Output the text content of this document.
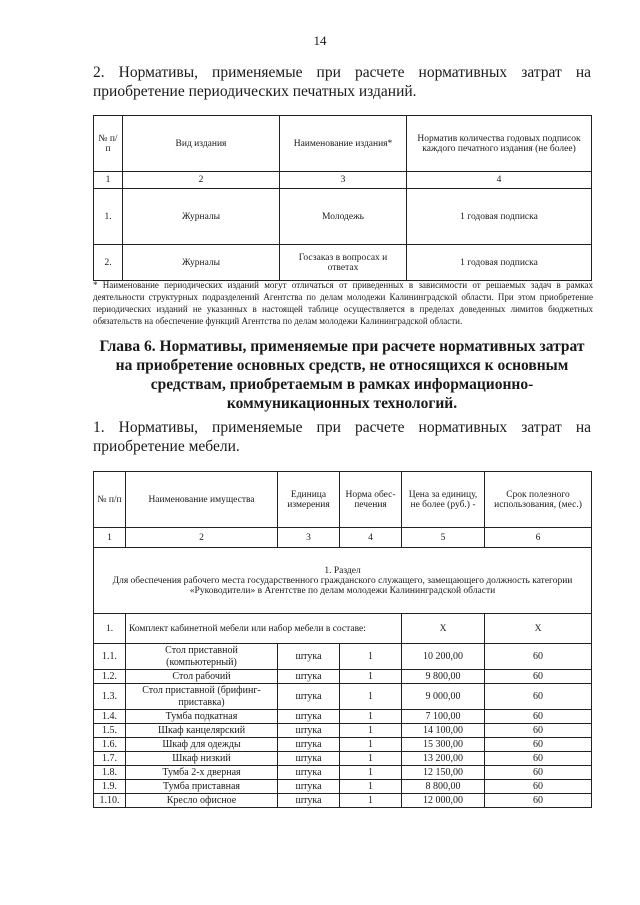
14
2. Нормативы, применяемые при расчете нормативных затрат на приобретение периодических печатных изданий.
№ п/п	Вид издания	Наименование издания*	Норматив количества годовых подписок каждого печатного издания (не более)
1	2	3	4
1.	Журналы	Молодежь	1 годовая подписка
2.	Журналы	Госзаказ в вопросах и ответах	1 годовая подписка
* Наименование периодических изданий могут отличаться от приведенных в зависимости от решаемых задач в рамках деятельности структурных подразделений Агентства по делам молодежи Калининградской области. При этом приобретение периодических изданий не указанных в настоящей таблице осуществляется в пределах доведенных лимитов бюджетных обязательств на обеспечение функций Агентства по делам молодежи Калининградской области.
Глава 6. Нормативы, применяемые при расчете нормативных затрат на приобретение основных средств, не относящихся к основным средствам, приобретаемым в рамках информационно-коммуникационных технологий.
1. Нормативы, применяемые при расчете нормативных затрат на приобретение мебели.
№ п/п	Наименование имущества	Единица измерения	Норма обес-печения	Цена за единицу, не более (руб.) -	Срок полезного использования, (мес.)
1	2	3	4	5	6

1. Раздел
Для обеспечения рабочего места государственного гражданского служащего, замещающего должность категории «Руководители» в Агентстве по делам молодежи Калининградской области					

1.	Комплект кабинетной мебели или набор мебели в составе:			Х	Х
1.1.	Стол приставной (компьютерный)	штука	1	10 200,00	60
1.2.	Стол рабочий	штука	1	9 800,00	60
1.3.	Стол приставной (брифинг-приставка)	штука	1	9 000,00	60
1.4.	Тумба подкатная	штука	1	7 100,00	60
1.5.	Шкаф канцелярский	штука	1	14 100,00	60
1.6.	Шкаф для одежды	штука	1	15 300,00	60
1.7.	Шкаф низкий	штука	1	13 200,00	60
1.8.	Тумба 2-х дверная	штука	1	12 150,00	60
1.9.	Тумба приставная	штука	1	8 800,00	60
1.10.	Кресло офисное	штука	1	12 000,00	60
